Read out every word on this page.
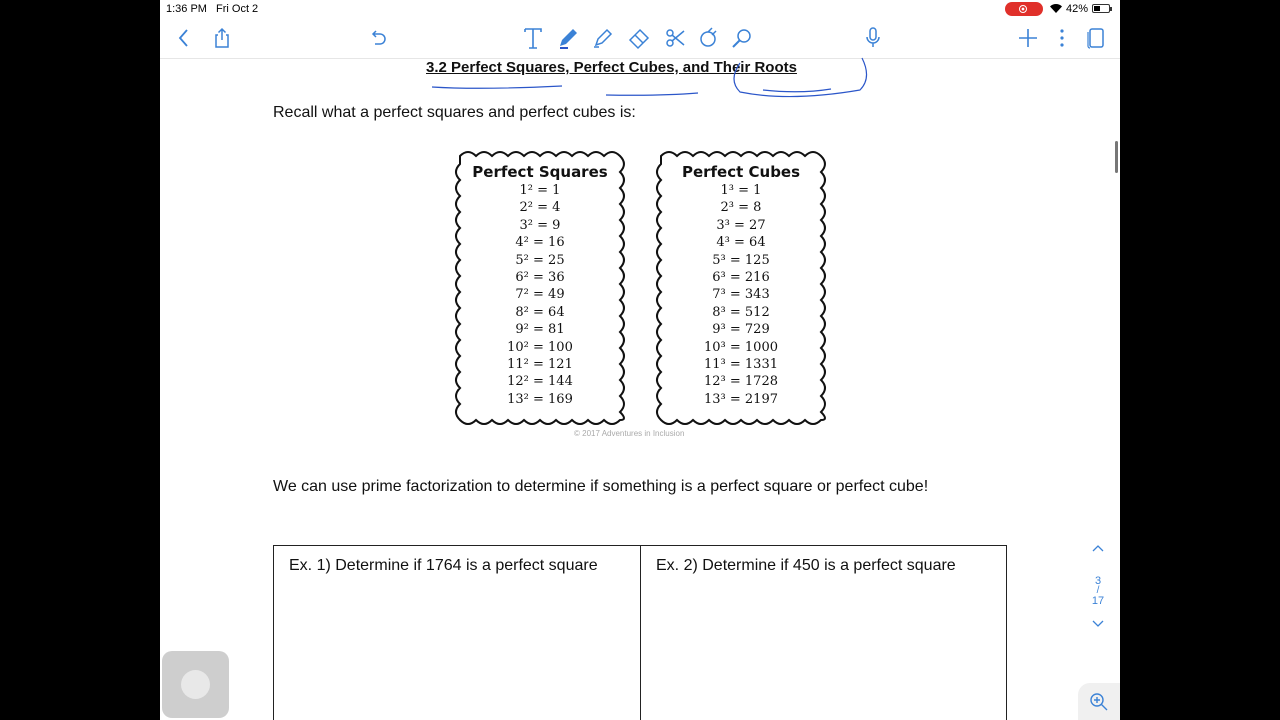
1:36 PM Fri Oct 2	42%
3.2 Perfect Squares, Perfect Cubes, and Their Roots
Recall what a perfect squares and perfect cubes is:
Perfect Squares
1² = 1
2² = 4
3² = 9
4² = 16
5² = 25
6² = 36
7² = 49
8² = 64
9² = 81
10² = 100
11² = 121
12² = 144
13² = 169
Perfect Cubes
1³ = 1
2³ = 8
3³ = 27
4³ = 64
5³ = 125
6³ = 216
7³ = 343
8³ = 512
9³ = 729
10³ = 1000
11³ = 1331
12³ = 1728
13³ = 2197
© 2017 Adventures in Inclusion
We can use prime factorization to determine if something is a perfect square or perfect cube!
Ex. 1) Determine if 1764 is a perfect square	Ex. 2) Determine if 450 is a perfect square
3
/
17
